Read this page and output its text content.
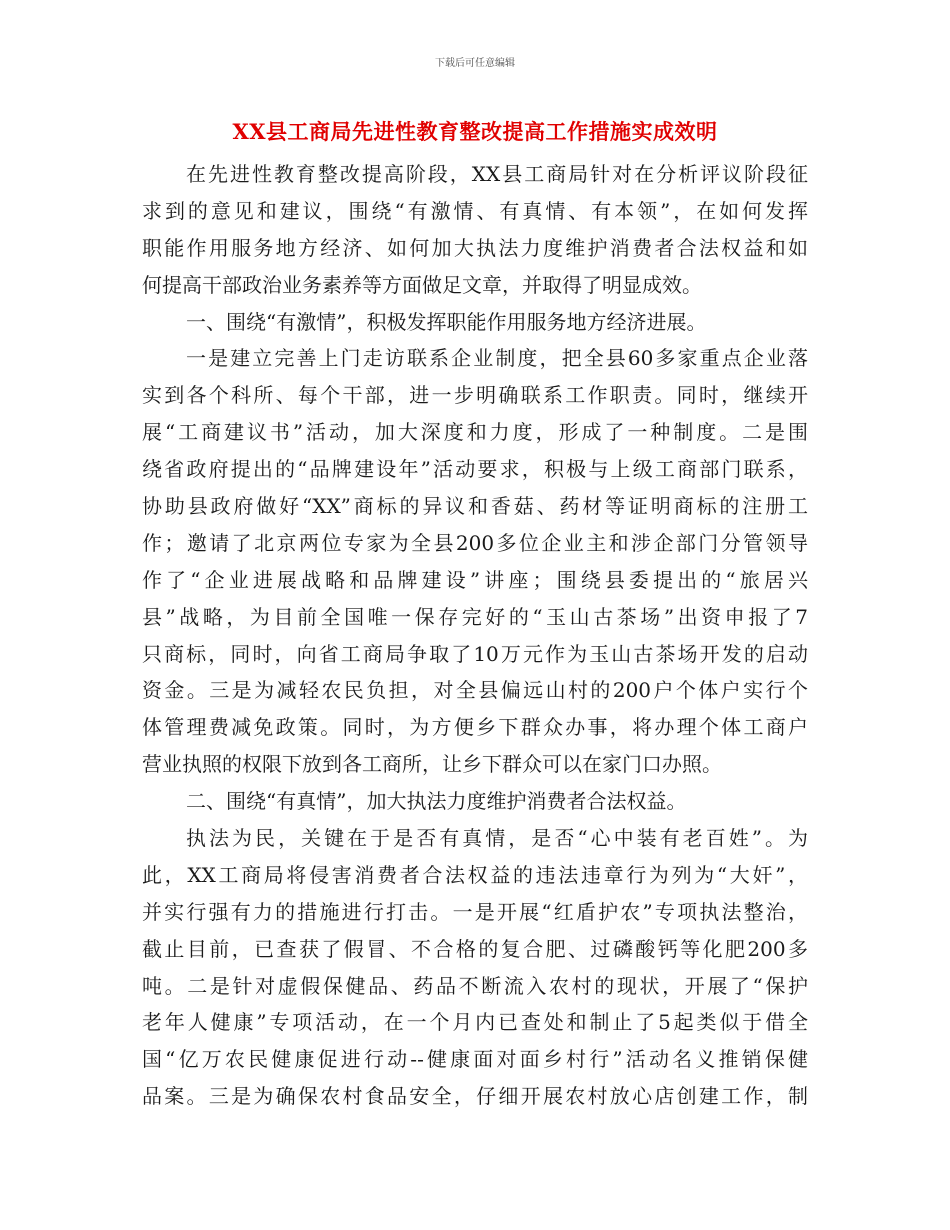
下载后可任意编辑
XX县工商局先进性教育整改提高工作措施实成效明
在先进性教育整改提高阶段，XX县工商局针对在分析评议阶段征
求到的意见和建议，围绕“有激情、有真情、有本领”，在如何发挥
职能作用服务地方经济、如何加大执法力度维护消费者合法权益和如
何提高干部政治业务素养等方面做足文章，并取得了明显成效。
一、围绕“有激情”，积极发挥职能作用服务地方经济进展。
一是建立完善上门走访联系企业制度，把全县60多家重点企业落
实到各个科所、每个干部，进一步明确联系工作职责。同时，继续开
展“工商建议书”活动，加大深度和力度，形成了一种制度。二是围
绕省政府提出的“品牌建设年”活动要求，积极与上级工商部门联系，
协助县政府做好“XX”商标的异议和香菇、药材等证明商标的注册工
作；邀请了北京两位专家为全县200多位企业主和涉企部门分管领导
作了“企业进展战略和品牌建设”讲座；围绕县委提出的“旅居兴
县”战略，为目前全国唯一保存完好的“玉山古茶场”出资申报了7
只商标，同时，向省工商局争取了10万元作为玉山古茶场开发的启动
资金。三是为减轻农民负担，对全县偏远山村的200户个体户实行个
体管理费减免政策。同时，为方便乡下群众办事，将办理个体工商户
营业执照的权限下放到各工商所，让乡下群众可以在家门口办照。
二、围绕“有真情”，加大执法力度维护消费者合法权益。
执法为民，关键在于是否有真情，是否“心中装有老百姓”。为
此，XX工商局将侵害消费者合法权益的违法违章行为列为“大奸”，
并实行强有力的措施进行打击。一是开展“红盾护农”专项执法整治，
截止目前，已查获了假冒、不合格的复合肥、过磷酸钙等化肥200多
吨。二是针对虚假保健品、药品不断流入农村的现状，开展了“保护
老年人健康”专项活动，在一个月内已查处和制止了5起类似于借全
国“亿万农民健康促进行动--健康面对面乡村行”活动名义推销保健
品案。三是为确保农村食品安全，仔细开展农村放心店创建工作，制
